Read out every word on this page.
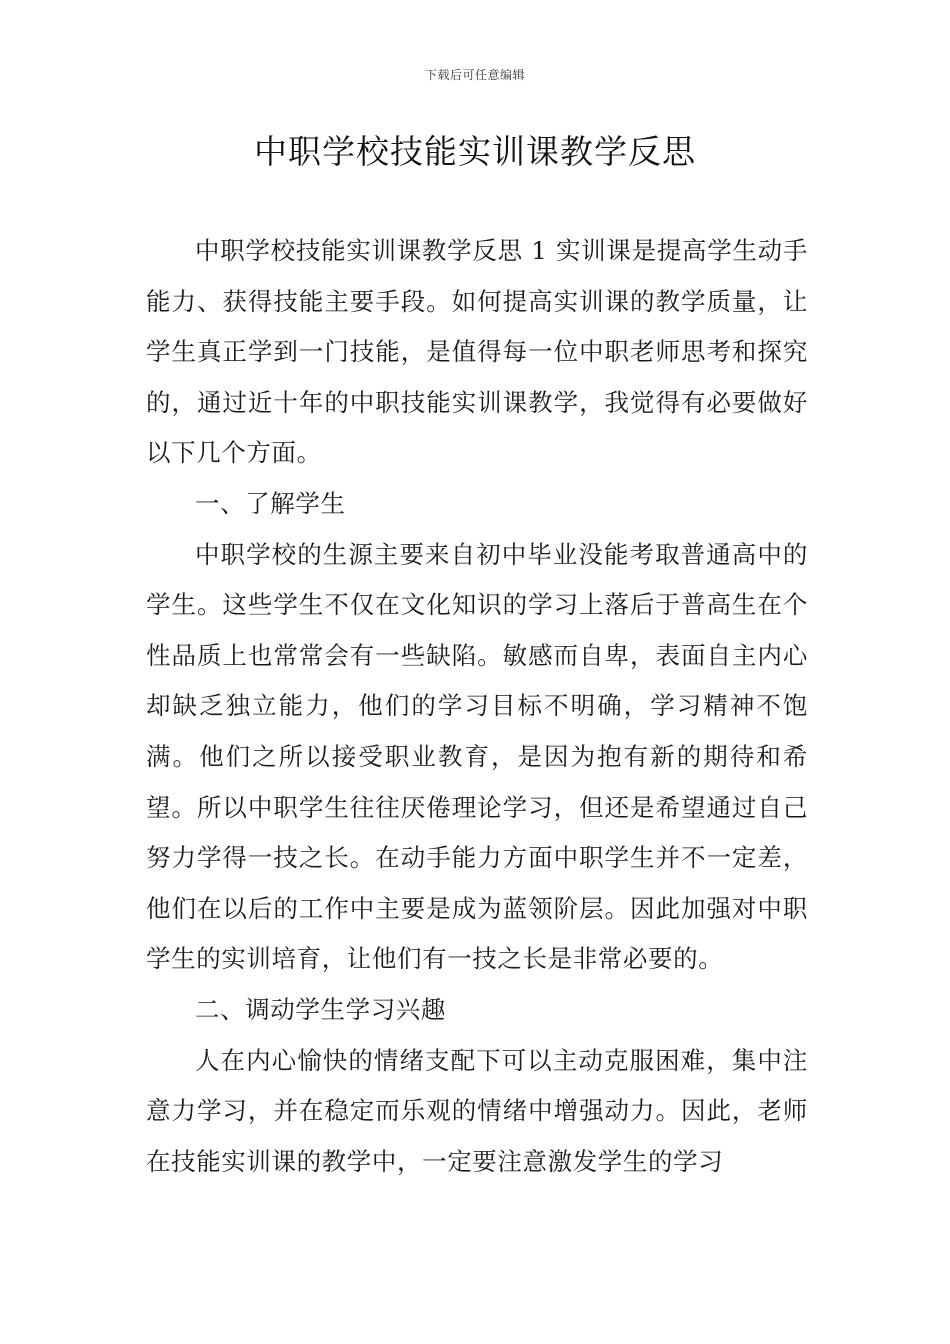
下载后可任意编辑
中职学校技能实训课教学反思

中职学校技能实训课教学反思 1 实训课是提高学生动手能力、获得技能主要手段。如何提高实训课的教学质量，让学生真正学到一门技能，是值得每一位中职老师思考和探究的，通过近十年的中职技能实训课教学，我觉得有必要做好以下几个方面。

一、了解学生

中职学校的生源主要来自初中毕业没能考取普通高中的学生。这些学生不仅在文化知识的学习上落后于普高生在个性品质上也常常会有一些缺陷。敏感而自卑，表面自主内心却缺乏独立能力，他们的学习目标不明确，学习精神不饱满。他们之所以接受职业教育，是因为抱有新的期待和希望。所以中职学生往往厌倦理论学习，但还是希望通过自己努力学得一技之长。在动手能力方面中职学生并不一定差，他们在以后的工作中主要是成为蓝领阶层。因此加强对中职学生的实训培育，让他们有一技之长是非常必要的。

二、调动学生学习兴趣

人在内心愉快的情绪支配下可以主动克服困难，集中注意力学习，并在稳定而乐观的情绪中增强动力。因此，老师在技能实训课的教学中，一定要注意激发学生的学习
